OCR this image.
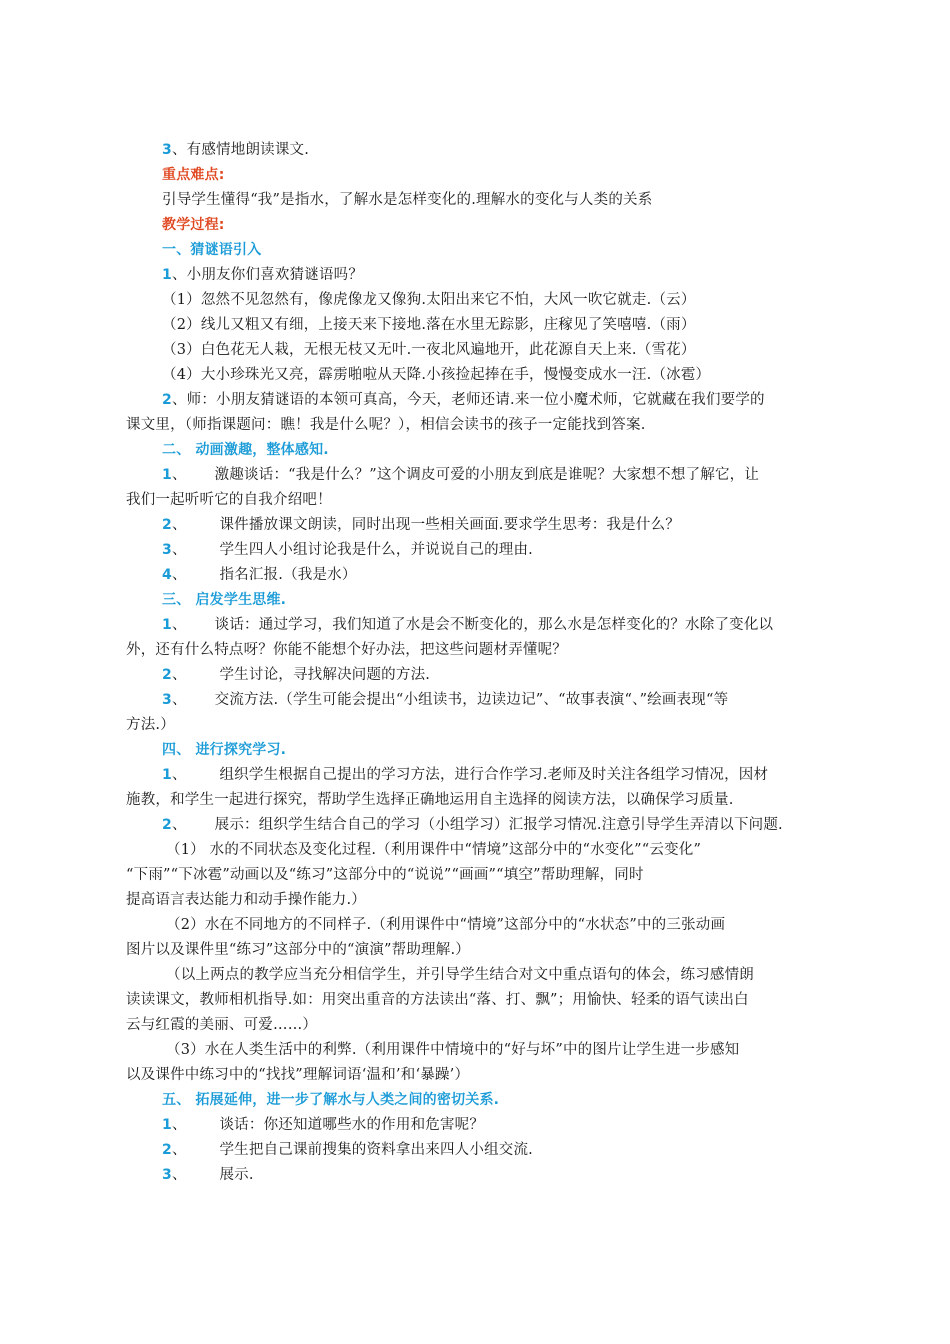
3、有感情地朗读课文.
重点难点:
引导学生懂得“我”是指水，了解水是怎样变化的.理解水的变化与人类的关系
教学过程:
一、猜谜语引入
1、小朋友你们喜欢猜谜语吗？
（1）忽然不见忽然有，像虎像龙又像狗.太阳出来它不怕，大风一吹它就走.（云）
（2）线儿又粗又有细，上接天来下接地.落在水里无踪影，庄稼见了笑嘻嘻.（雨）
（3）白色花无人栽，无根无枝又无叶.一夜北风遍地开，此花源自天上来.（雪花）
（4）大小珍珠光又亮，霹雳啪啦从天降.小孩捡起捧在手，慢慢变成水一汪.（冰雹）
2、师：小朋友猜谜语的本领可真高，今天，老师还请.来一位小魔术师，它就藏在我们要学的
课文里，（师指课题问：瞧！我是什么呢？），相信会读书的孩子一定能找到答案.
二、 动画激趣，整体感知.
1、 激趣谈话：“我是什么？”这个调皮可爱的小朋友到底是谁呢？大家想不想了解它，让
我们一起听听它的自我介绍吧！
2、 课件播放课文朗读，同时出现一些相关画面.要求学生思考：我是什么？
3、 学生四人小组讨论我是什么，并说说自己的理由.
4、 指名汇报.（我是水）
三、 启发学生思维.
1、 谈话：通过学习，我们知道了水是会不断变化的，那么水是怎样变化的？水除了变化以
外，还有什么特点呀？你能不能想个好办法，把这些问题材弄懂呢？
2、 学生讨论，寻找解决问题的方法.
3、 交流方法.（学生可能会提出“小组读书，边读边记”、“故事表演“、”绘画表现“等
方法.）
四、 进行探究学习.
1、 组织学生根据自己提出的学习方法，进行合作学习.老师及时关注各组学习情况，因材
施教，和学生一起进行探究，帮助学生选择正确地运用自主选择的阅读方法，以确保学习质量.
2、 展示：组织学生结合自己的学习（小组学习）汇报学习情况.注意引导学生弄清以下问题.
（1） 水的不同状态及变化过程.（利用课件中“情境”这部分中的“水变化”“云变化”
“下雨”“下冰雹”动画以及“练习”这部分中的“说说”“画画”“填空”帮助理解，同时
提高语言表达能力和动手操作能力.）
（2）水在不同地方的不同样子.（利用课件中“情境”这部分中的“水状态”中的三张动画
图片以及课件里“练习”这部分中的“演演”帮助理解.）
（以上两点的教学应当充分相信学生，并引导学生结合对文中重点语句的体会，练习感情朗
读读课文，教师相机指导.如：用突出重音的方法读出“落、打、飘”；用愉快、轻柔的语气读出白
云与红霞的美丽、可爱……）
（3）水在人类生活中的利弊.（利用课件中情境中的“好与坏”中的图片让学生进一步感知
以及课件中练习中的“找找”理解词语‘温和’和‘暴躁’）
五、 拓展延伸，进一步了解水与人类之间的密切关系.
1、 谈话：你还知道哪些水的作用和危害呢？
2、 学生把自己课前搜集的资料拿出来四人小组交流.
3、 展示.
